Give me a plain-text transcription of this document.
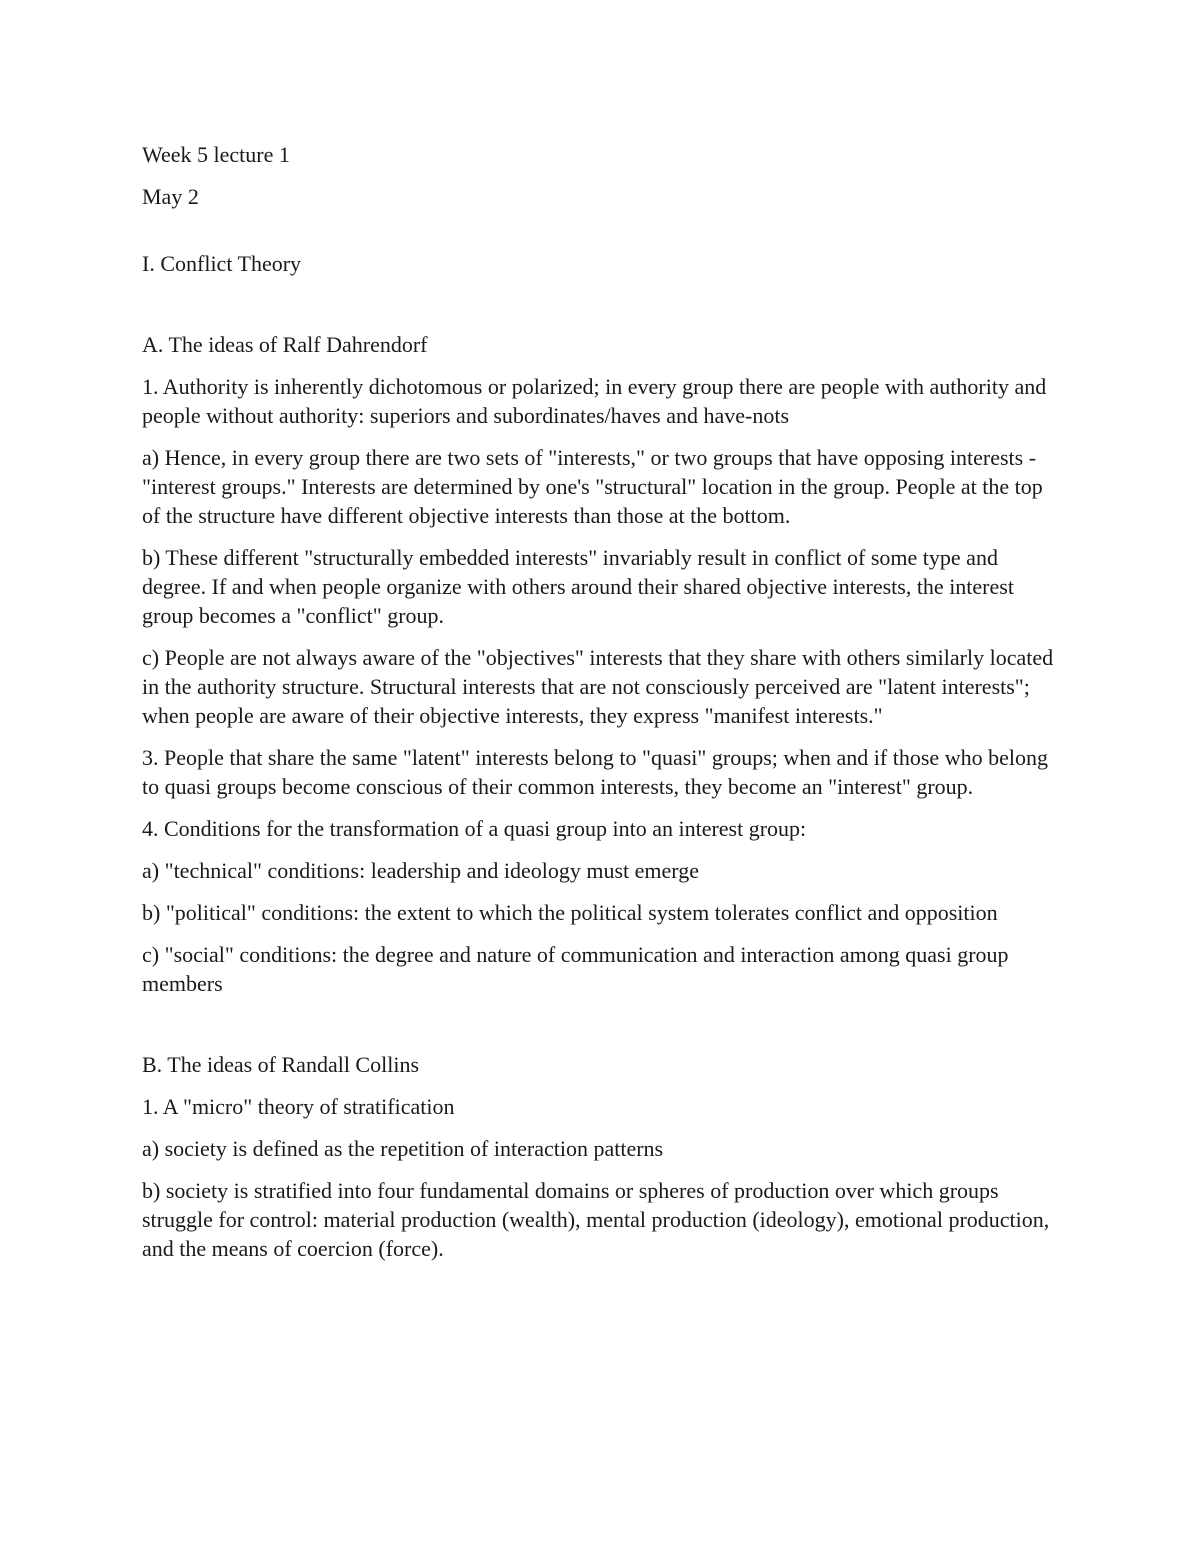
Week 5 lecture 1

May 2

I. Conflict Theory

A. The ideas of Ralf Dahrendorf

1. Authority is inherently dichotomous or polarized; in every group there are people with authority and people without authority: superiors and subordinates/haves and have-nots

a) Hence, in every group there are two sets of "interests," or two groups that have opposing interests - "interest groups." Interests are determined by one's "structural" location in the group. People at the top of the structure have different objective interests than those at the bottom.

b) These different "structurally embedded interests" invariably result in conflict of some type and degree. If and when people organize with others around their shared objective interests, the interest group becomes a "conflict" group.

c) People are not always aware of the "objectives" interests that they share with others similarly located in the authority structure. Structural interests that are not consciously perceived are "latent interests"; when people are aware of their objective interests, they express "manifest interests."

3. People that share the same "latent" interests belong to "quasi" groups; when and if those who belong to quasi groups become conscious of their common interests, they become an "interest" group.

4. Conditions for the transformation of a quasi group into an interest group:

a) "technical" conditions: leadership and ideology must emerge

b) "political" conditions: the extent to which the political system tolerates conflict and opposition

c) "social" conditions: the degree and nature of communication and interaction among quasi group members

B. The ideas of Randall Collins

1. A "micro" theory of stratification

a) society is defined as the repetition of interaction patterns

b) society is stratified into four fundamental domains or spheres of production over which groups struggle for control: material production (wealth), mental production (ideology), emotional production, and the means of coercion (force).
